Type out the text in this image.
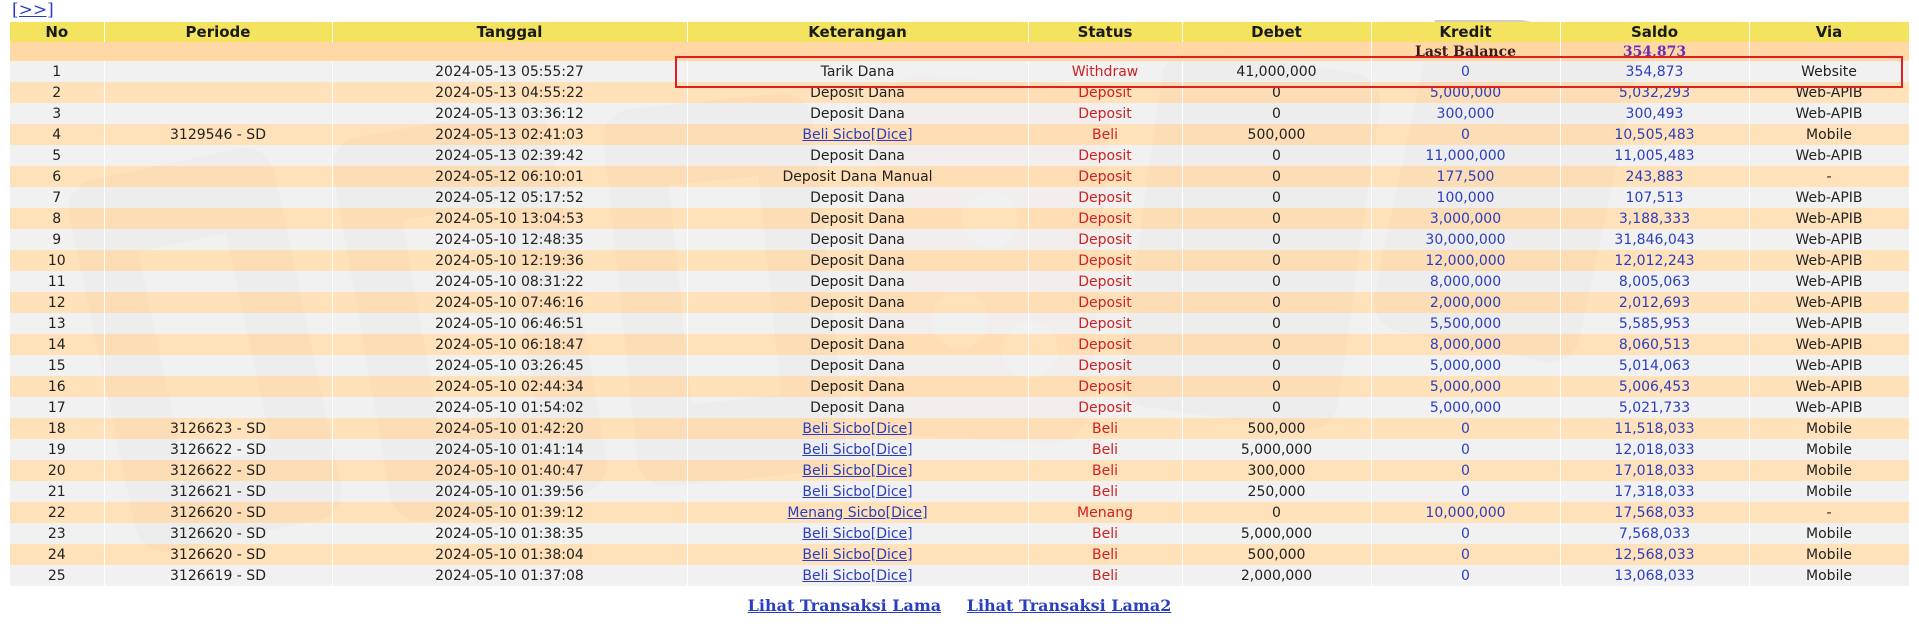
[>>]
No	Periode	Tanggal	Keterangan	Status	Debet	Kredit	Saldo	Via
						Last Balance	354,873	
1		2024-05-13 05:55:27	Tarik Dana	Withdraw	41,000,000	0	354,873	Website
2		2024-05-13 04:55:22	Deposit Dana	Deposit	0	5,000,000	5,032,293	Web-APIB
3		2024-05-13 03:36:12	Deposit Dana	Deposit	0	300,000	300,493	Web-APIB
4	3129546 - SD	2024-05-13 02:41:03	Beli Sicbo[Dice]	Beli	500,000	0	10,505,483	Mobile
5		2024-05-13 02:39:42	Deposit Dana	Deposit	0	11,000,000	11,005,483	Web-APIB
6		2024-05-12 06:10:01	Deposit Dana Manual	Deposit	0	177,500	243,883	-
7		2024-05-12 05:17:52	Deposit Dana	Deposit	0	100,000	107,513	Web-APIB
8		2024-05-10 13:04:53	Deposit Dana	Deposit	0	3,000,000	3,188,333	Web-APIB
9		2024-05-10 12:48:35	Deposit Dana	Deposit	0	30,000,000	31,846,043	Web-APIB
10		2024-05-10 12:19:36	Deposit Dana	Deposit	0	12,000,000	12,012,243	Web-APIB
11		2024-05-10 08:31:22	Deposit Dana	Deposit	0	8,000,000	8,005,063	Web-APIB
12		2024-05-10 07:46:16	Deposit Dana	Deposit	0	2,000,000	2,012,693	Web-APIB
13		2024-05-10 06:46:51	Deposit Dana	Deposit	0	5,500,000	5,585,953	Web-APIB
14		2024-05-10 06:18:47	Deposit Dana	Deposit	0	8,000,000	8,060,513	Web-APIB
15		2024-05-10 03:26:45	Deposit Dana	Deposit	0	5,000,000	5,014,063	Web-APIB
16		2024-05-10 02:44:34	Deposit Dana	Deposit	0	5,000,000	5,006,453	Web-APIB
17		2024-05-10 01:54:02	Deposit Dana	Deposit	0	5,000,000	5,021,733	Web-APIB
18	3126623 - SD	2024-05-10 01:42:20	Beli Sicbo[Dice]	Beli	500,000	0	11,518,033	Mobile
19	3126622 - SD	2024-05-10 01:41:14	Beli Sicbo[Dice]	Beli	5,000,000	0	12,018,033	Mobile
20	3126622 - SD	2024-05-10 01:40:47	Beli Sicbo[Dice]	Beli	300,000	0	17,018,033	Mobile
21	3126621 - SD	2024-05-10 01:39:56	Beli Sicbo[Dice]	Beli	250,000	0	17,318,033	Mobile
22	3126620 - SD	2024-05-10 01:39:12	Menang Sicbo[Dice]	Menang	0	10,000,000	17,568,033	-
23	3126620 - SD	2024-05-10 01:38:35	Beli Sicbo[Dice]	Beli	5,000,000	0	7,568,033	Mobile
24	3126620 - SD	2024-05-10 01:38:04	Beli Sicbo[Dice]	Beli	500,000	0	12,568,033	Mobile
25	3126619 - SD	2024-05-10 01:37:08	Beli Sicbo[Dice]	Beli	2,000,000	0	13,068,033	Mobile
Lihat Transaksi Lama Lihat Transaksi Lama2
